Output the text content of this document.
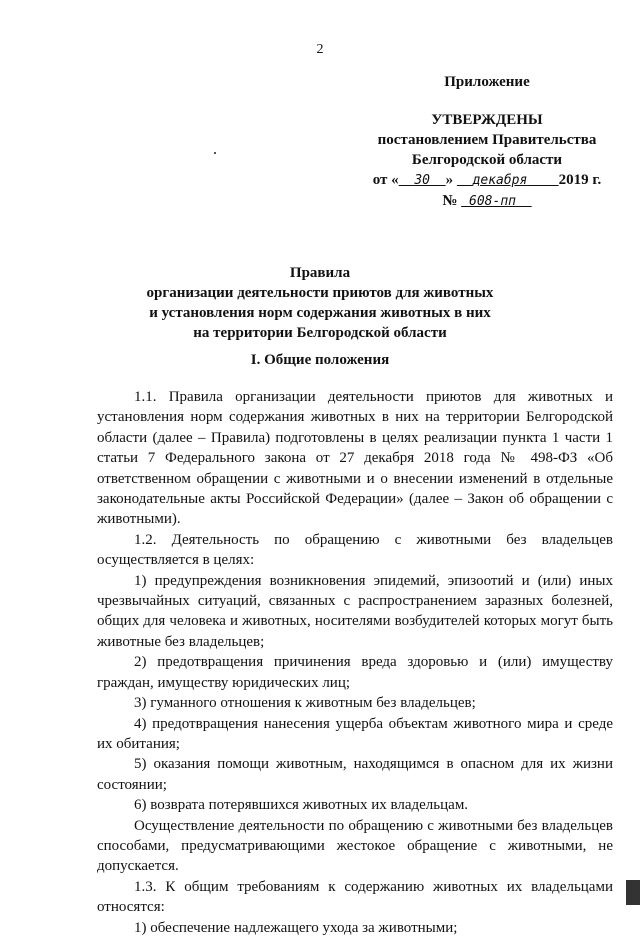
2
Приложение
УТВЕРЖДЕНЫ
постановлением Правительства
Белгородской области
от « 30 » декабря 2019 г.
№ 608-пп
Правила
организации деятельности приютов для животных
и установления норм содержания животных в них
на территории Белгородской области
I. Общие положения

1.1. Правила организации деятельности приютов для животных и установления норм содержания животных в них на территории Белгородской области (далее – Правила) подготовлены в целях реализации пункта 1 части 1 статьи 7 Федерального закона от 27 декабря 2018 года № 498-ФЗ «Об ответственном обращении с животными и о внесении изменений в отдельные законодательные акты Российской Федерации» (далее – Закон об обращении с животными).

1.2. Деятельность по обращению с животными без владельцев осуществляется в целях:

1) предупреждения возникновения эпидемий, эпизоотий и (или) иных чрезвычайных ситуаций, связанных с распространением заразных болезней, общих для человека и животных, носителями возбудителей которых могут быть животные без владельцев;

2) предотвращения причинения вреда здоровью и (или) имуществу граждан, имуществу юридических лиц;

3) гуманного отношения к животным без владельцев;

4) предотвращения нанесения ущерба объектам животного мира и среде их обитания;

5) оказания помощи животным, находящимся в опасном для их жизни состоянии;

6) возврата потерявшихся животных их владельцам.

Осуществление деятельности по обращению с животными без владельцев способами, предусматривающими жестокое обращение с животными, не допускается.

1.3. К общим требованиям к содержанию животных их владельцами относятся:

1) обеспечение надлежащего ухода за животными;
